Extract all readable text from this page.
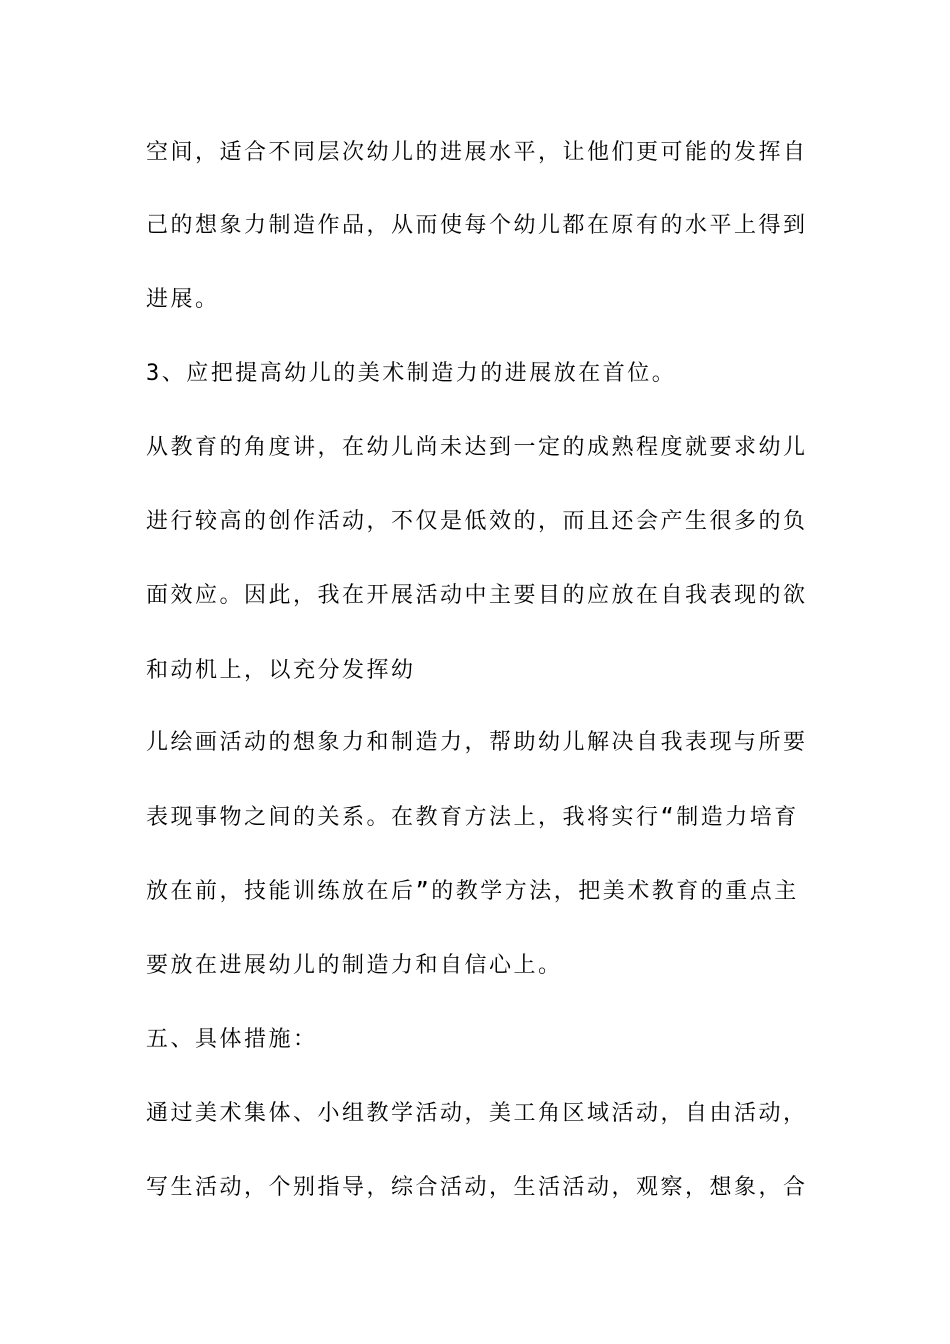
空间，适合不同层次幼儿的进展水平，让他们更可能的发挥自
己的想象力制造作品，从而使每个幼儿都在原有的水平上得到
进展。
3、应把提高幼儿的美术制造力的进展放在首位。
从教育的角度讲，在幼儿尚未达到一定的成熟程度就要求幼儿
进行较高的创作活动，不仅是低效的，而且还会产生很多的负
面效应。因此，我在开展活动中主要目的应放在自我表现的欲
和动机上，以充分发挥幼
儿绘画活动的想象力和制造力，帮助幼儿解决自我表现与所要
表现事物之间的关系。在教育方法上，我将实行“制造力培育
放在前，技能训练放在后”的教学方法，把美术教育的重点主
要放在进展幼儿的制造力和自信心上。
五、具体措施：
通过美术集体、小组教学活动，美工角区域活动，自由活动，
写生活动，个别指导，综合活动，生活活动，观察，想象，合
